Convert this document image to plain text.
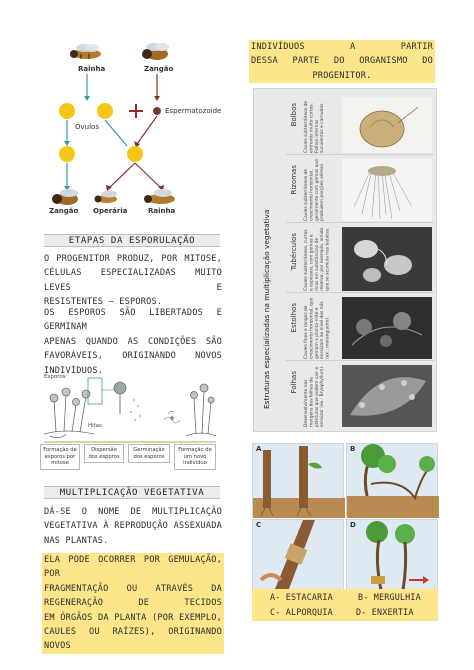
Rainha	Zangão
Óvulos
Espermatozoide
Zangão Operária	Rainha
ETAPAS DA ESPORULAÇÃO
O PROGENITOR PRODUZ, POR MITOSE,
CÉLULAS ESPECIALIZADAS MUITO LEVES E
RESISTENTES — ESPOROS.
OS ESPOROS SÃO LIBERTADOS E GERMINAM
APENAS QUANDO AS CONDIÇÕES SÃO
FAVORÁVEIS, ORIGINANDO NOVOS
INDIVÍDUOS.
Esporos
Hifas
Formação de esporos por mitose
Dispersão dos esporos
Germinação dos esporos
Formação de um novo indivíduo
MULTIPLICAÇÃO VEGETATIVA
DÁ-SE O NOME DE MULTIPLICAÇÃO
VEGETATIVA À REPRODUÇÃO ASSEXUADA
NAS PLANTAS.
ELA PODE OCORRER POR GEMULAÇÃO, POR
FRAGMENTAÇÃO OU ATRAVÉS DA
REGENERAÇÃO DE TECIDOS
EM ÓRGÃOS DA PLANTA (POR EXEMPLO,
CAULES OU RAÍZES), ORIGINANDO NOVOS
INDIVÍDUOS A PARTIR
DESSA PARTE DO ORGANISMO DO
PROGENITOR.
Estruturas especializadas na multiplicação vegetativa
Bolbos Caules subterrâneos de entrenós muito curtos. Folhas internas suculentas e carnudas.
Rizomas Caules subterrâneos de crescimento horizontal, geralmente com gemas que produzem porções aéreas.
Tubérculos Caules subterrâneos, curtos e espessos, com gemas e ricos em substâncias de reserva; por exemplo, amido que se acumula nas batatas.
Estolhos Caules finos e longos de crescimento horizontal, que gemam a planta-mãe e enraízam ao nível dos nós (ex.: morangueiro).
Folhas Desenvolvimento nas margens das folhas de plântulas que podem cair e enraizar (ex.: Bryophyllum).
A	B
C	D
A- ESTACARIA	B- MERGULHIA
C- ALPORQUIA	D- ENXERTIA
